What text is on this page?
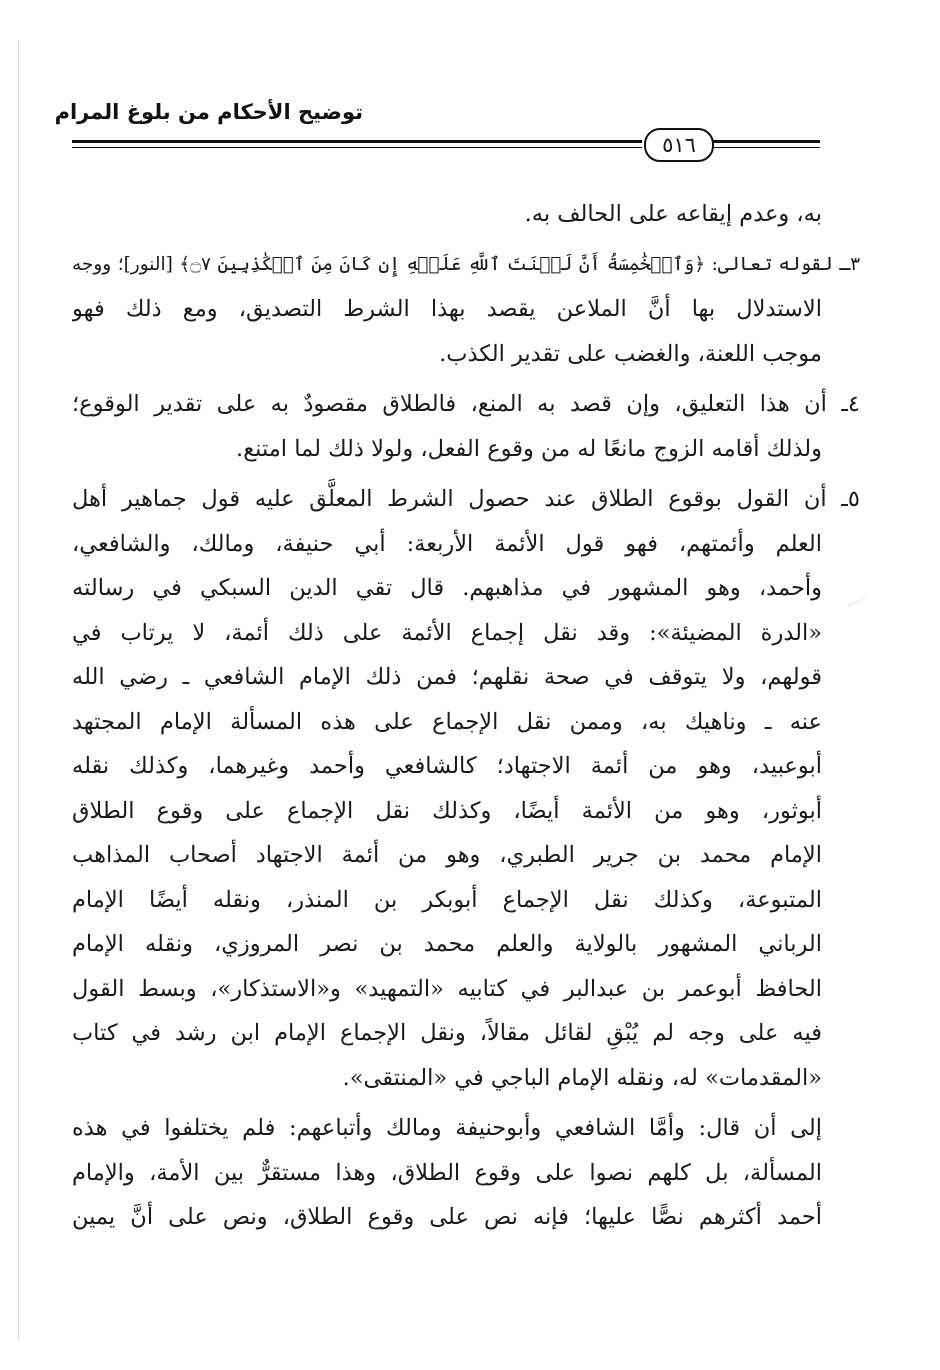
توضيح الأحكام من بلوغ المرام
٥١٦
به، وعدم إيقاعه على الحالف به.
٣ـ لقوله تعالى: ﴿وَٱلۡخَٰمِسَةُ أَنَّ لَعۡنَتَ ٱللَّهِ عَلَيۡهِ إِن كَانَ مِنَ ٱلۡكَٰذِبِينَ ۝٧﴾ [النور]؛ ووجه
الاستدلال بها أنَّ الملاعن يقصد بهذا الشرط التصديق، ومع ذلك فهو
موجب اللعنة، والغضب على تقدير الكذب.
٤ـ أن هذا التعليق، وإن قصد به المنع، فالطلاق مقصودٌ به على تقدير الوقوع؛
ولذلك أقامه الزوج مانعًا له من وقوع الفعل، ولولا ذلك لما امتنع.
٥ـ أن القول بوقوع الطلاق عند حصول الشرط المعلَّق عليه قول جماهير أهل
العلم وأئمتهم، فهو قول الأئمة الأربعة: أبي حنيفة، ومالك، والشافعي،
وأحمد، وهو المشهور في مذاهبهم. قال تقي الدين السبكي في رسالته
«الدرة المضيئة»: وقد نقل إجماع الأئمة على ذلك أئمة، لا يرتاب في
قولهم، ولا يتوقف في صحة نقلهم؛ فمن ذلك الإمام الشافعي ـ رضي الله
عنه ـ وناهيك به، وممن نقل الإجماع على هذه المسألة الإمام المجتهد
أبوعبيد، وهو من أئمة الاجتهاد؛ كالشافعي وأحمد وغيرهما، وكذلك نقله
أبوثور، وهو من الأئمة أيضًا، وكذلك نقل الإجماع على وقوع الطلاق
الإمام محمد بن جرير الطبري، وهو من أئمة الاجتهاد أصحاب المذاهب
المتبوعة، وكذلك نقل الإجماع أبوبكر بن المنذر، ونقله أيضًا الإمام
الرباني المشهور بالولاية والعلم محمد بن نصر المروزي، ونقله الإمام
الحافظ أبوعمر بن عبدالبر في كتابيه «التمهيد» و«الاستذكار»، وبسط القول
فيه على وجه لم يُبْقِ لقائل مقالاً، ونقل الإجماع الإمام ابن رشد في كتاب
«المقدمات» له، ونقله الإمام الباجي في «المنتقى».
إلى أن قال: وأمَّا الشافعي وأبوحنيفة ومالك وأتباعهم: فلم يختلفوا في هذه
المسألة، بل كلهم نصوا على وقوع الطلاق، وهذا مستقرٌّ بين الأمة، والإمام
أحمد أكثرهم نصًّا عليها؛ فإنه نص على وقوع الطلاق، ونص على أنَّ يمين
